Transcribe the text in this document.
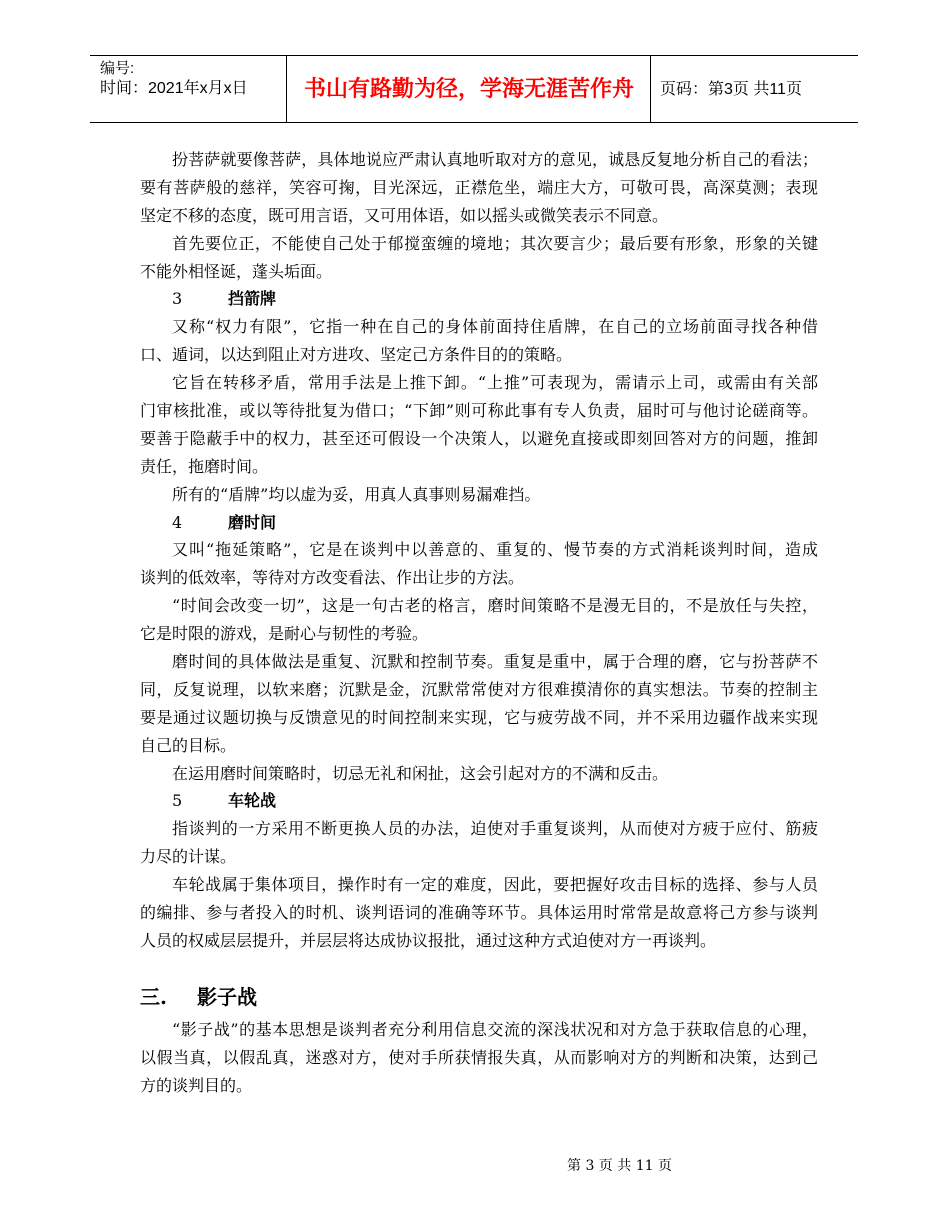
编号:
时间：2021年x月x日	书山有路勤为径，学海无涯苦作舟	页码：第3页 共11页
扮菩萨就要像菩萨，具体地说应严肃认真地听取对方的意见，诚恳反复地分析自己的看法；
要有菩萨般的慈祥，笑容可掬，目光深远，正襟危坐，端庄大方，可敬可畏，高深莫测；表现
坚定不移的态度，既可用言语，又可用体语，如以摇头或微笑表示不同意。
首先要位正，不能使自己处于郁搅蛮缠的境地；其次要言少；最后要有形象，形象的关键
不能外相怪诞，蓬头垢面。
3	挡箭牌
又称“权力有限”，它指一种在自己的身体前面持住盾牌，在自己的立场前面寻找各种借
口、遁词，以达到阻止对方进攻、坚定己方条件目的的策略。
它旨在转移矛盾，常用手法是上推下卸。“上推”可表现为，需请示上司，或需由有关部
门审核批准，或以等待批复为借口；“下卸”则可称此事有专人负责，届时可与他讨论磋商等。
要善于隐蔽手中的权力，甚至还可假设一个决策人，以避免直接或即刻回答对方的问题，推卸
责任，拖磨时间。
所有的“盾牌”均以虚为妥，用真人真事则易漏难挡。
4	磨时间
又叫“拖延策略”，它是在谈判中以善意的、重复的、慢节奏的方式消耗谈判时间，造成
谈判的低效率，等待对方改变看法、作出让步的方法。
“时间会改变一切”，这是一句古老的格言，磨时间策略不是漫无目的，不是放任与失控，
它是时限的游戏，是耐心与韧性的考验。
磨时间的具体做法是重复、沉默和控制节奏。重复是重中，属于合理的磨，它与扮菩萨不
同，反复说理，以软来磨；沉默是金，沉默常常使对方很难摸清你的真实想法。节奏的控制主
要是通过议题切换与反馈意见的时间控制来实现，它与疲劳战不同，并不采用边疆作战来实现
自己的目标。
在运用磨时间策略时，切忌无礼和闲扯，这会引起对方的不满和反击。
5	车轮战
指谈判的一方采用不断更换人员的办法，迫使对手重复谈判，从而使对方疲于应付、筋疲
力尽的计谋。
车轮战属于集体项目，操作时有一定的难度，因此，要把握好攻击目标的选择、参与人员
的编排、参与者投入的时机、谈判语词的准确等环节。具体运用时常常是故意将己方参与谈判
人员的权威层层提升，并层层将达成协议报批，通过这种方式迫使对方一再谈判。
三. 影子战
“影子战”的基本思想是谈判者充分利用信息交流的深浅状况和对方急于获取信息的心理，
以假当真，以假乱真，迷惑对方，使对手所获情报失真，从而影响对方的判断和决策，达到己
方的谈判目的。
第 3 页 共 11 页
